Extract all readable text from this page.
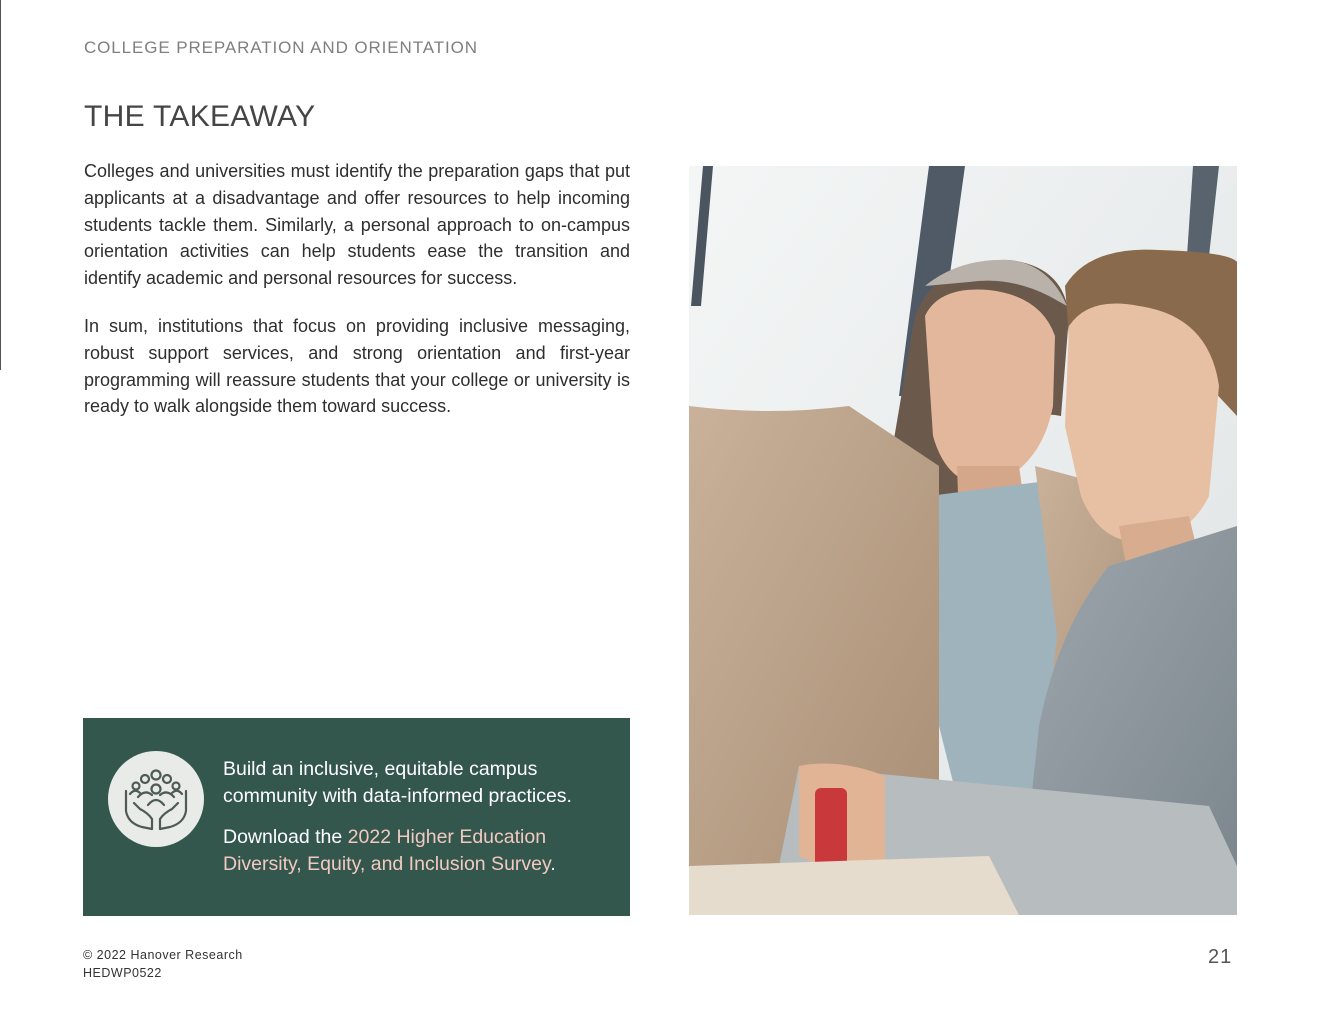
COLLEGE PREPARATION AND ORIENTATION
THE TAKEAWAY

Colleges and universities must identify the preparation gaps that put applicants at a disadvantage and offer resources to help incoming students tackle them. Similarly, a personal approach to on-campus orientation activities can help students ease the transition and identify academic and personal resources for success.

In sum, institutions that focus on providing inclusive messaging, robust support services, and strong orientation and first-year programming will reassure students that your college or university is ready to walk alongside them toward success.

Build an inclusive, equitable campus community with data-informed practices.

Download the 2022 Higher Education Diversity, Equity, and Inclusion Survey.

© 2022 Hanover Research
HEDWP0522
21
